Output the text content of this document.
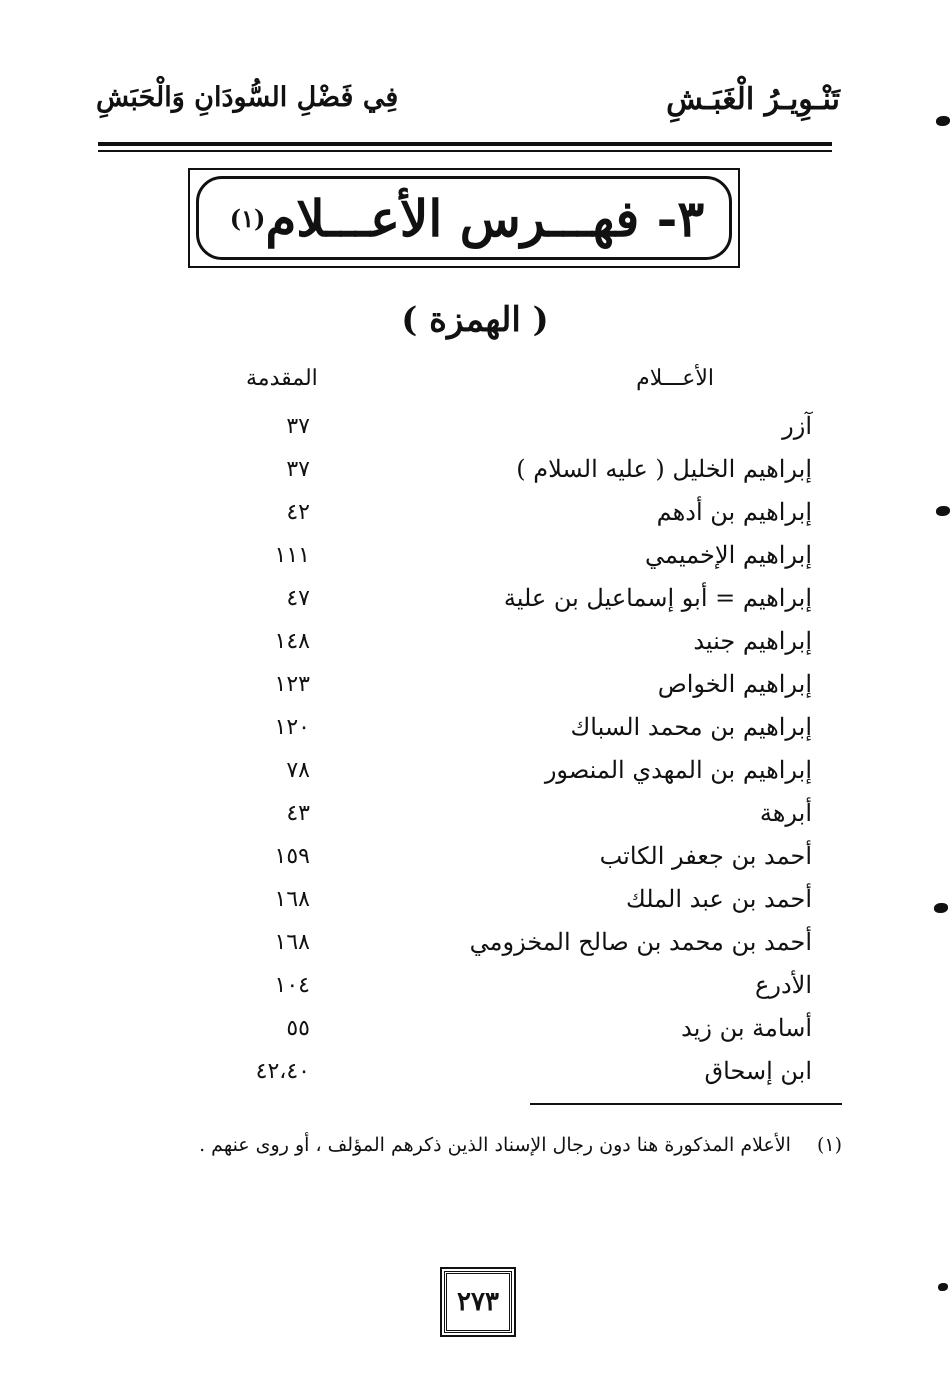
تَنْـوِيـرُ الْغَبَـشِ
فِي فَضْلِ السُّودَانِ وَالْحَبَشِ
٣- فهـــرس الأعـــلام
(١)
( الهمزة )
الأعـــلام
المقدمة
آزر
٣٧
إبراهيم الخليل ( عليه السلام )
٣٧
إبراهيم بن أدهم
٤٢
إبراهيم الإخميمي
١١١
إبراهيم = أبو إسماعيل بن علية
٤٧
إبراهيم جنيد
١٤٨
إبراهيم الخواص
١٢٣
إبراهيم بن محمد السباك
١٢٠
إبراهيم بن المهدي المنصور
٧٨
أبرهة
٤٣
أحمد بن جعفر الكاتب
١٥٩
أحمد بن عبد الملك
١٦٨
أحمد بن محمد بن صالح المخزومي
١٦٨
الأدرع
١٠٤
أسامة بن زيد
٥٥
ابن إسحاق
٤٢،٤٠
(١)الأعلام المذكورة هنا دون رجال الإسناد الذين ذكرهم المؤلف ، أو روى عنهم .
٢٧٣
